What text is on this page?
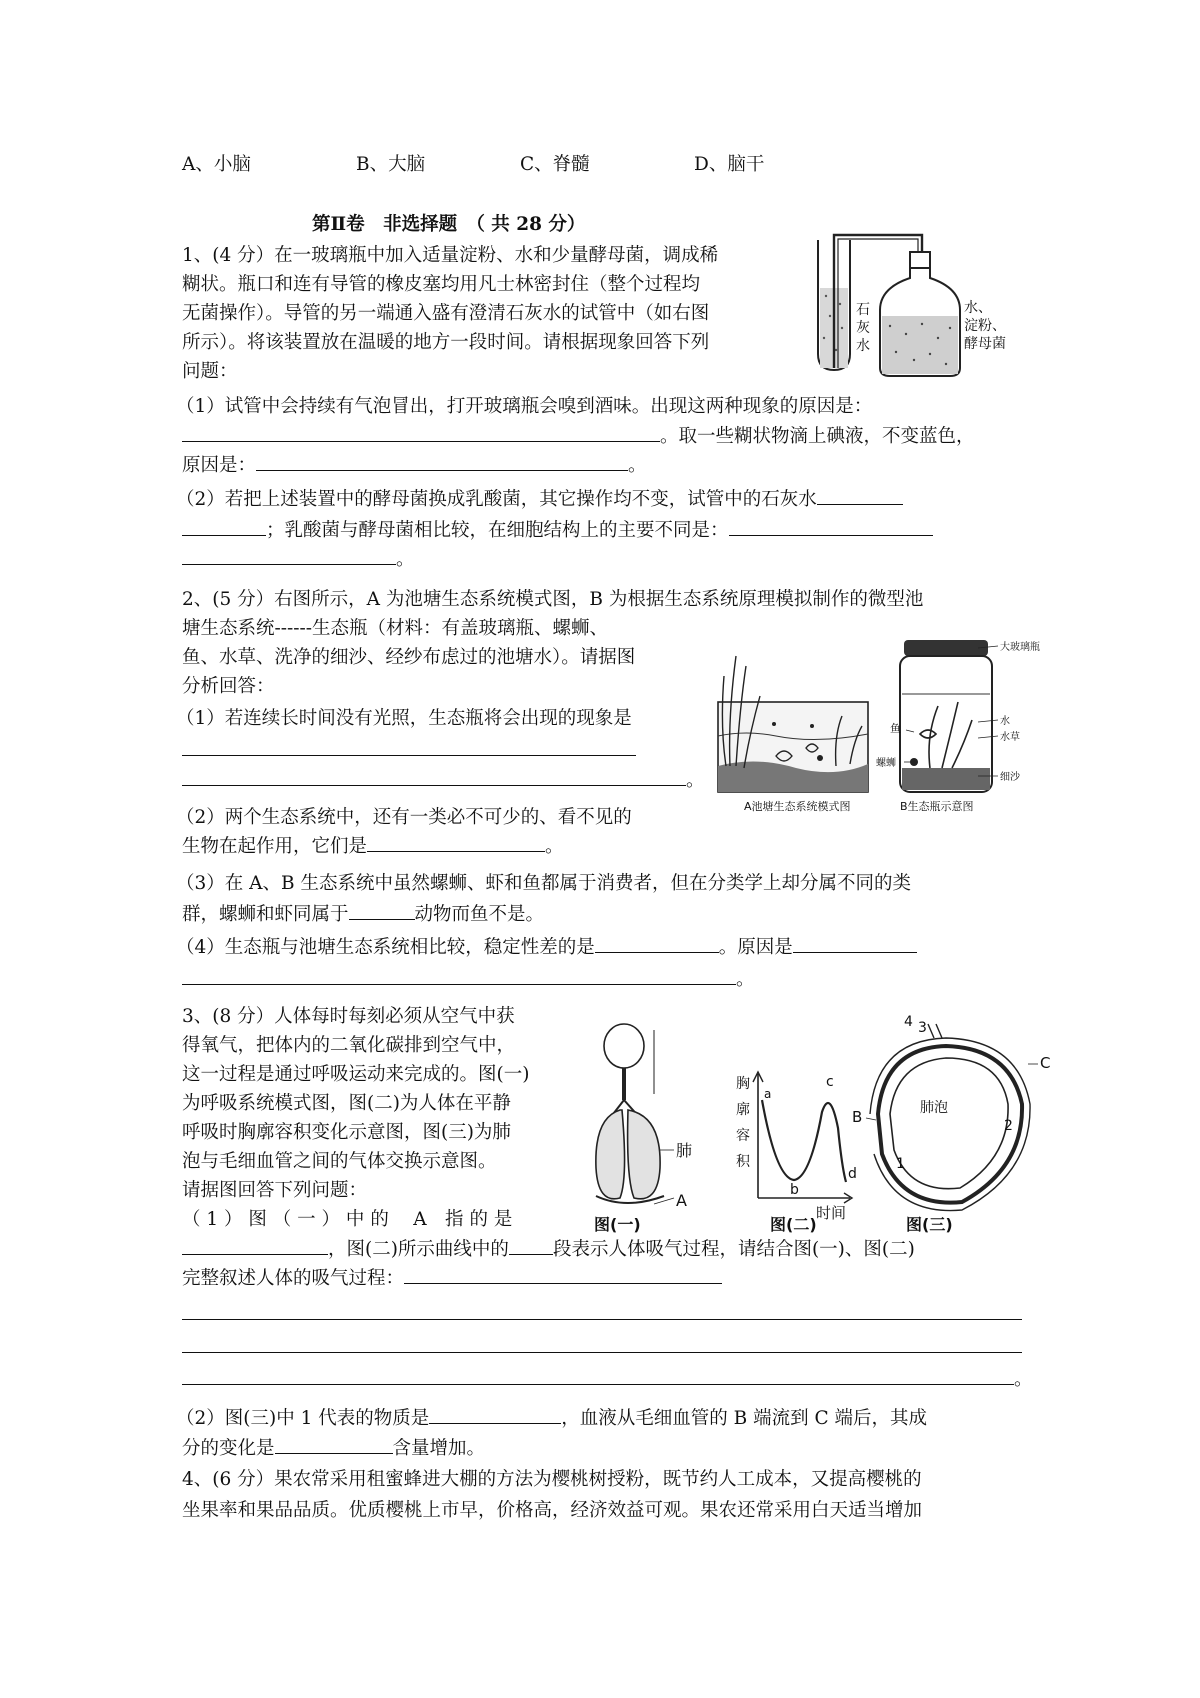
A、小脑	B、大脑	C、脊髓	D、脑干
第Ⅱ卷　非选择题　（ 共 28 分）
1、(4 分）在一玻璃瓶中加入适量淀粉、水和少量酵母菌，调成稀
糊状。瓶口和连有导管的橡皮塞均用凡士林密封住（整个过程均
无菌操作）。导管的另一端通入盛有澄清石灰水的试管中（如右图
所示）。将该装置放在温暖的地方一段时间。请根据现象回答下列
问题：
（1）试管中会持续有气泡冒出，打开玻璃瓶会嗅到酒味。出现这两种现象的原因是：
。取一些糊状物滴上碘液，不变蓝色，
原因是：	。
（2）若把上述装置中的酵母菌换成乳酸菌，其它操作均不变，试管中的石灰水
；乳酸菌与酵母菌相比较，在细胞结构上的主要不同是：
。
石
灰
水
水、
淀粉、
酵母菌
2、(5 分）右图所示，A 为池塘生态系统模式图，B 为根据生态系统原理模拟制作的微型池
塘生态系统------生态瓶（材料：有盖玻璃瓶、螺蛳、
鱼、水草、洗净的细沙、经纱布虑过的池塘水）。请据图
分析回答：
（1）若连续长时间没有光照，生态瓶将会出现的现象是
。
（2）两个生态系统中，还有一类必不可少的、看不见的
生物在起作用，它们是	。
（3）在 A、B 生态系统中虽然螺蛳、虾和鱼都属于消费者，但在分类学上却分属不同的类
群，螺蛳和虾同属于	动物而鱼不是。
（4）生态瓶与池塘生态系统相比较，稳定性差的是	。原因是
。
A池塘生态系统模式图
大玻璃瓶
鱼
水
水草
螺蛳
细沙
B生态瓶示意图
3、(8 分）人体每时每刻必须从空气中获
得氧气，把体内的二氧化碳排到空气中，
这一过程是通过呼吸运动来完成的。图(一)
为呼吸系统模式图，图(二)为人体在平静
呼吸时胸廓容积变化示意图，图(三)为肺
泡与毛细血管之间的气体交换示意图。
请据图回答下列问题：
（ 1 ） 图 （ 一 ） 中 的 　A　指 的 是
，图(二)所示曲线中的 段表示人体吸气过程，请结合图(一)、图(二)
完整叙述人体的吸气过程：
。
（2）图(三)中 1 代表的物质是	，血液从毛细血管的 B 端流到 C 端后，其成
分的变化是	含量增加。
肺
A
图(一)
胸
廓
容
积
a
b
c
d
时间
图(二)
肺泡
1
2
3
4
B
C
图(三)
4、(6 分）果农常采用租蜜蜂进大棚的方法为樱桃树授粉，既节约人工成本，又提高樱桃的
坐果率和果品品质。优质樱桃上市早，价格高，经济效益可观。果农还常采用白天适当增加
